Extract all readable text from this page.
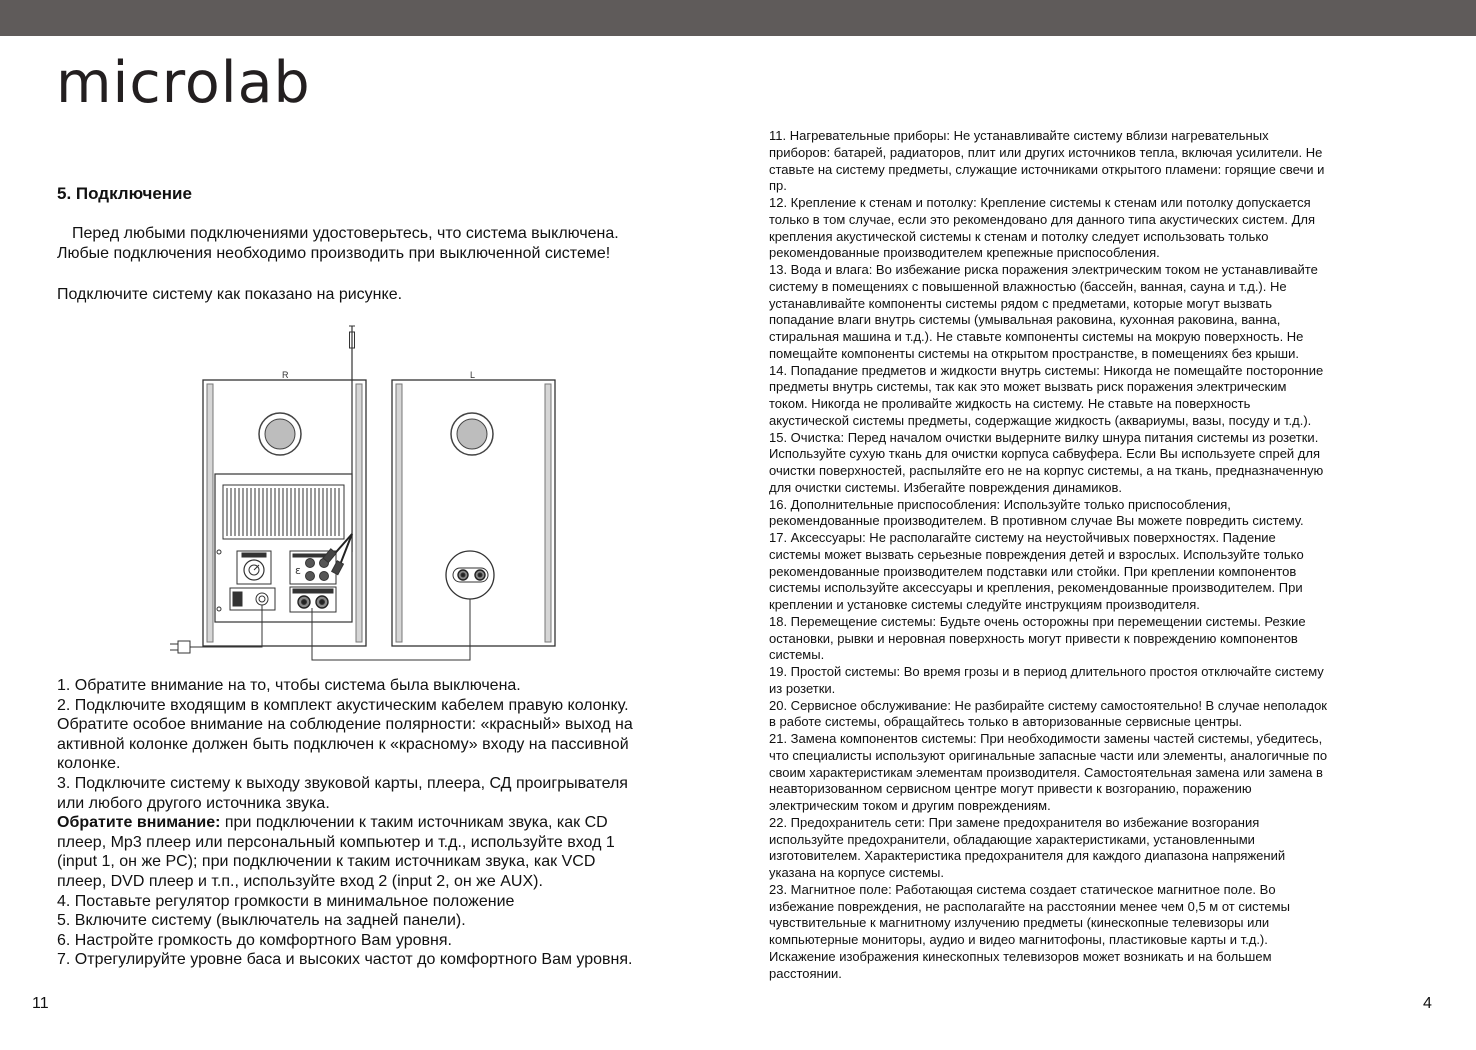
microlab
5. Подключение
Перед любыми подключениями удостоверьтесь, что система выключена.
Любые подключения необходимо производить при выключенной системе!
Подключите систему как показано на рисунке.
ε
R	L
1. Обратите внимание на то, чтобы система была выключена.
2. Подключите входящим в комплект акустическим кабелем правую колонку.
Обратите особое внимание на соблюдение полярности: «красный» выход на
активной колонке должен быть подключен к «красному» входу на пассивной
колонке.
3. Подключите систему к выходу звуковой карты, плеера, СД проигрывателя
или любого другого источника звука.
Обратите внимание: при подключении к таким источникам звука, как CD
плеер, Mp3 плеер или персональный компьютер и т.д., используйте вход 1
(input 1, он же PC); при подключении к таким источникам звука, как VCD
плеер, DVD плеер и т.п., используйте вход 2 (input 2, он же AUX).
4. Поставьте регулятор громкости в минимальное положение
5. Включите систему (выключатель на задней панели).
6. Настройте громкость до комфортного Вам уровня.
7. Отрегулируйте уровне баса и высоких частот до комфортного Вам уровня.
11. Нагревательные приборы: Не устанавливайте систему вблизи нагревательных
приборов: батарей, радиаторов, плит или других источников тепла, включая усилители. Не
ставьте на систему предметы, служащие источниками открытого пламени: горящие свечи и
пр.
12. Крепление к стенам и потолку: Крепление системы к стенам или потолку допускается
только в том случае, если это рекомендовано для данного типа акустических систем. Для
крепления акустической системы к стенам и потолку следует использовать только
рекомендованные производителем крепежные приспособления.
13. Вода и влага: Во избежание риска поражения электрическим током не устанавливайте
систему в помещениях с повышенной влажностью (бассейн, ванная, сауна и т.д.). Не
устанавливайте компоненты системы рядом с предметами, которые могут вызвать
попадание влаги внутрь системы (умывальная раковина, кухонная раковина, ванна,
стиральная машина и т.д.). Не ставьте компоненты системы на мокрую поверхность. Не
помещайте компоненты системы на открытом пространстве, в помещениях без крыши.
14. Попадание предметов и жидкости внутрь системы: Никогда не помещайте посторонние
предметы внутрь системы, так как это может вызвать риск поражения электрическим
током. Никогда не проливайте жидкость на систему. Не ставьте на поверхность
акустической системы предметы, содержащие жидкость (аквариумы, вазы, посуду и т.д.).
15. Очистка: Перед началом очистки выдерните вилку шнура питания системы из розетки.
Используйте сухую ткань для очистки корпуса сабвуфера. Если Вы используете спрей для
очистки поверхностей, распыляйте его не на корпус системы, а на ткань, предназначенную
для очистки системы. Избегайте повреждения динамиков.
16. Дополнительные приспособления: Используйте только приспособления,
рекомендованные производителем. В противном случае Вы можете повредить систему.
17. Аксессуары: Не располагайте систему на неустойчивых поверхностях. Падение
системы может вызвать серьезные повреждения детей и взрослых. Используйте только
рекомендованные производителем подставки или стойки. При креплении компонентов
системы используйте аксессуары и крепления, рекомендованные производителем. При
креплении и установке системы следуйте инструкциям производителя.
18. Перемещение системы: Будьте очень осторожны при перемещении системы. Резкие
остановки, рывки и неровная поверхность могут привести к повреждению компонентов
системы.
19. Простой системы: Во время грозы и в период длительного простоя отключайте систему
из розетки.
20. Сервисное обслуживание: Не разбирайте систему самостоятельно! В случае неполадок
в работе системы, обращайтесь только в авторизованные сервисные центры.
21. Замена компонентов системы: При необходимости замены частей системы, убедитесь,
что специалисты используют оригинальные запасные части или элементы, аналогичные по
своим характеристикам элементам производителя. Самостоятельная замена или замена в
неавторизованном сервисном центре могут привести к возгоранию, поражению
электрическим током и другим повреждениям.
22. Предохранитель сети: При замене предохранителя во избежание возгорания
используйте предохранители, обладающие характеристиками, установленными
изготовителем. Характеристика предохранителя для каждого диапазона напряжений
указана на корпусе системы.
23. Магнитное поле: Работающая система создает статическое магнитное поле. Во
избежание повреждения, не располагайте на расстоянии менее чем 0,5 м от системы
чувствительные к магнитному излучению предметы (кинескопные телевизоры или
компьютерные мониторы, аудио и видео магнитофоны, пластиковые карты и т.д.).
Искажение изображения кинескопных телевизоров может возникать и на большем
расстоянии.
11	4
